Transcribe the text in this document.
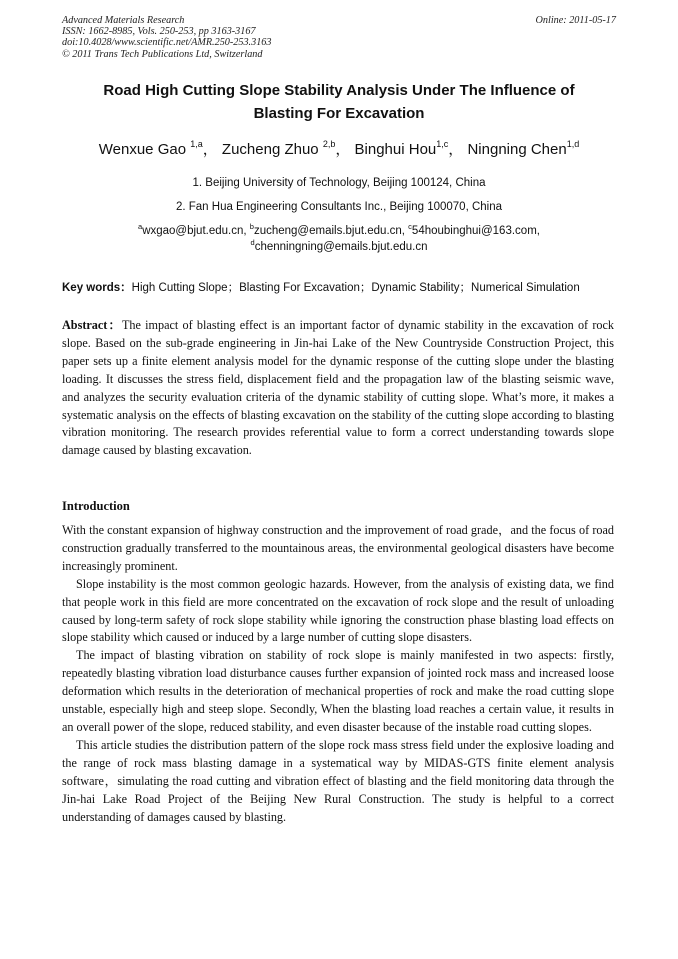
Advanced Materials Research
ISSN: 1662-8985, Vols. 250-253, pp 3163-3167
doi:10.4028/www.scientific.net/AMR.250-253.3163
© 2011 Trans Tech Publications Ltd, Switzerland
Online: 2011-05-17
Road High Cutting Slope Stability Analysis Under The Influence of
Blasting For Excavation
Wenxue Gao $^{1,a}$， Zucheng Zhuo $^{2,b}$， Binghui Hou$^{1,c}$， Ningning Chen$^{1,d}$
1. Beijing University of Technology, Beijing 100124, China
2. Fan Hua Engineering Consultants Inc., Beijing 100070, China
$^a$wxgao@bjut.edu.cn, $^b$zucheng@emails.bjut.edu.cn, $^c$54houbinghui@163.com,
$^d$chenningning@emails.bjut.edu.cn
Key words：High Cutting Slope；Blasting For Excavation；Dynamic Stability；Numerical Simulation
Abstract：The impact of blasting effect is an important factor of dynamic stability in the excavation of rock slope. Based on the sub-grade engineering in Jin-hai Lake of the New Countryside Construction Project, this paper sets up a finite element analysis model for the dynamic response of the cutting slope under the blasting loading. It discusses the stress field, displacement field and the propagation law of the blasting seismic wave, and analyzes the security evaluation criteria of the dynamic stability of cutting slope. What’s more, it makes a systematic analysis on the effects of blasting excavation on the stability of the cutting slope according to blasting vibration monitoring. The research provides referential value to form a correct understanding towards slope damage caused by blasting excavation.
Introduction
With the constant expansion of highway construction and the improvement of road grade，and the focus of road construction gradually transferred to the mountainous areas, the environmental geological disasters have become increasingly prominent.
Slope instability is the most common geologic hazards. However, from the analysis of existing data, we find that people work in this field are more concentrated on the excavation of rock slope and the result of unloading caused by long-term safety of rock slope stability while ignoring the construction phase blasting load effects on slope stability which caused or induced by a large number of cutting slope disasters.
The impact of blasting vibration on stability of rock slope is mainly manifested in two aspects: firstly, repeatedly blasting vibration load disturbance causes further expansion of jointed rock mass and increased loose deformation which results in the deterioration of mechanical properties of rock and make the road cutting slope unstable, especially high and steep slope. Secondly, When the blasting load reaches a certain value, it results in an overall power of the slope, reduced stability, and even disaster because of the instable road cutting slopes.
This article studies the distribution pattern of the slope rock mass stress field under the explosive loading and the range of rock mass blasting damage in a systematical way by MIDAS-GTS finite element analysis software，simulating the road cutting and vibration effect of blasting and the field monitoring data through the Jin-hai Lake Road Project of the Beijing New Rural Construction. The study is helpful to a correct understanding of damages caused by blasting.
